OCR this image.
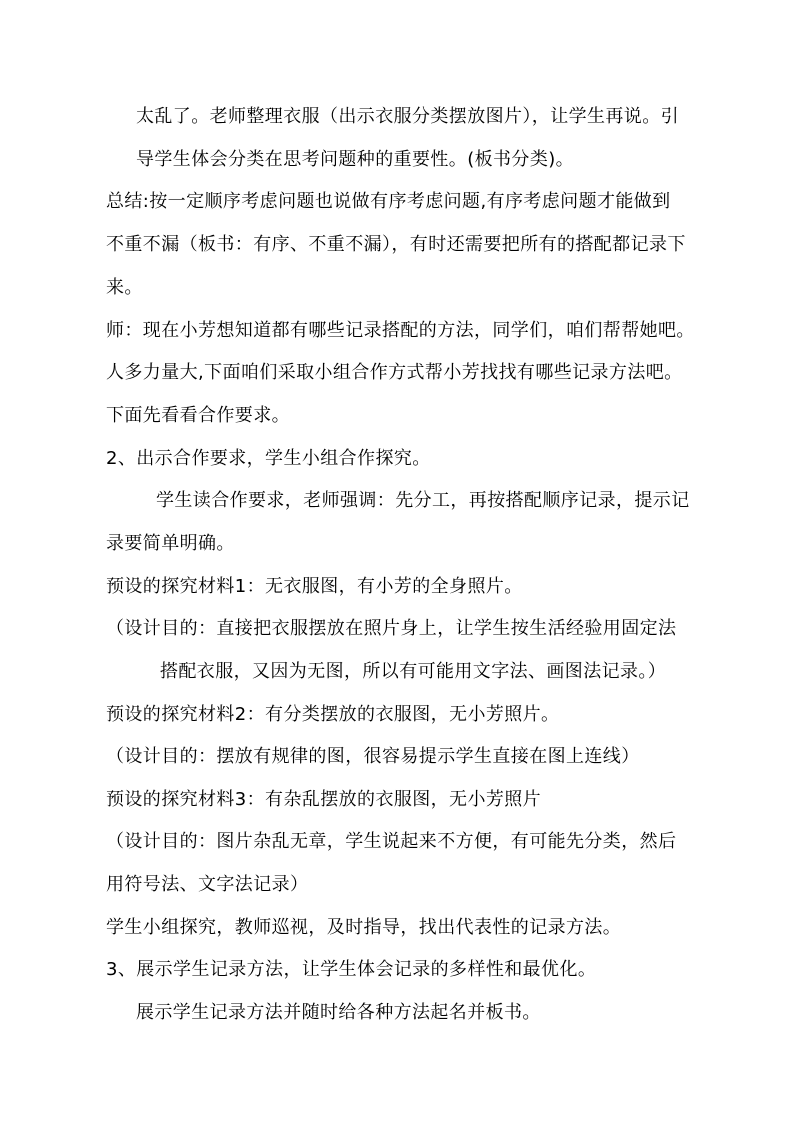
太乱了。老师整理衣服（出示衣服分类摆放图片），让学生再说。引
导学生体会分类在思考问题种的重要性。(板书分类)。
总结:按一定顺序考虑问题也说做有序考虑问题,有序考虑问题才能做到
不重不漏（板书：有序、不重不漏），有时还需要把所有的搭配都记录下
来。
师：现在小芳想知道都有哪些记录搭配的方法，同学们，咱们帮帮她吧。
人多力量大,下面咱们采取小组合作方式帮小芳找找有哪些记录方法吧。
下面先看看合作要求。
2、出示合作要求，学生小组合作探究。
学生读合作要求，老师强调：先分工，再按搭配顺序记录，提示记
录要简单明确。
预设的探究材料1：无衣服图，有小芳的全身照片。
（设计目的：直接把衣服摆放在照片身上，让学生按生活经验用固定法
搭配衣服，又因为无图，所以有可能用文字法、画图法记录。）
预设的探究材料2：有分类摆放的衣服图，无小芳照片。
（设计目的：摆放有规律的图，很容易提示学生直接在图上连线）
预设的探究材料3：有杂乱摆放的衣服图，无小芳照片
（设计目的：图片杂乱无章，学生说起来不方便，有可能先分类，然后
用符号法、文字法记录）
学生小组探究，教师巡视，及时指导，找出代表性的记录方法。
3、展示学生记录方法，让学生体会记录的多样性和最优化。
展示学生记录方法并随时给各种方法起名并板书。
